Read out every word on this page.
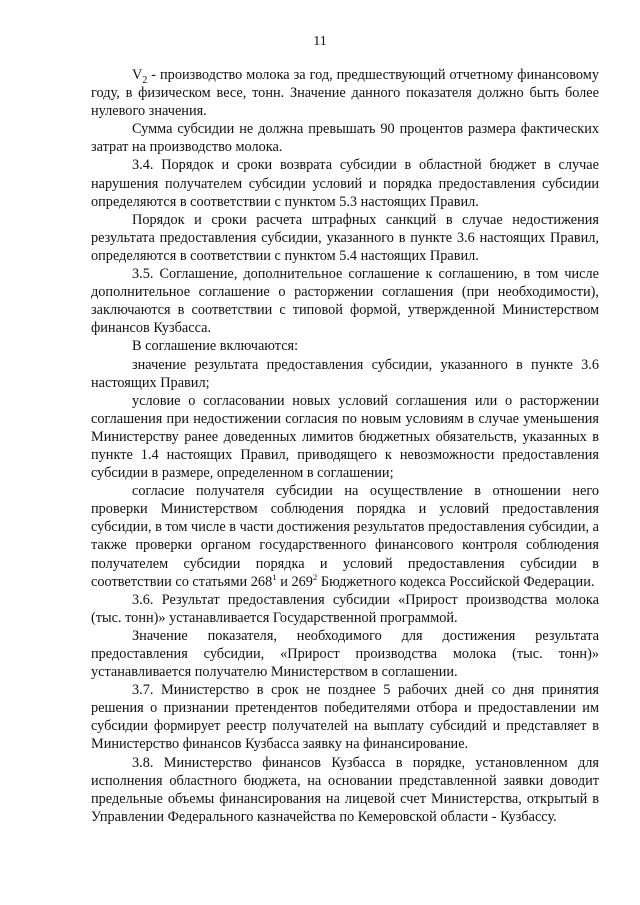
11

$V_2$ - производство молока за год, предшествующий отчетному финансовому году, в физическом весе, тонн. Значение данного показателя должно быть более нулевого значения.

Сумма субсидии не должна превышать 90 процентов размера фактических затрат на производство молока.

3.4. Порядок и сроки возврата субсидии в областной бюджет в случае нарушения получателем субсидии условий и порядка предоставления субсидии определяются в соответствии с пунктом 5.3 настоящих Правил.

Порядок и сроки расчета штрафных санкций в случае недостижения результата предоставления субсидии, указанного в пункте 3.6 настоящих Правил, определяются в соответствии с пунктом 5.4 настоящих Правил.

3.5. Соглашение, дополнительное соглашение к соглашению, в том числе дополнительное соглашение о расторжении соглашения (при необходимости), заключаются в соответствии с типовой формой, утвержденной Министерством финансов Кузбасса.

В соглашение включаются:

значение результата предоставления субсидии, указанного в пункте 3.6 настоящих Правил;

условие о согласовании новых условий соглашения или о расторжении соглашения при недостижении согласия по новым условиям в случае уменьшения Министерству ранее доведенных лимитов бюджетных обязательств, указанных в пункте 1.4 настоящих Правил, приводящего к невозможности предоставления субсидии в размере, определенном в соглашении;

согласие получателя субсидии на осуществление в отношении него проверки Министерством соблюдения порядка и условий предоставления субсидии, в том числе в части достижения результатов предоставления субсидии, а также проверки органом государственного финансового контроля соблюдения получателем субсидии порядка и условий предоставления субсидии в соответствии со статьями $268^1$ и $269^2$ Бюджетного кодекса Российской Федерации.

3.6. Результат предоставления субсидии «Прирост производства молока (тыс. тонн)» устанавливается Государственной программой.

Значение показателя, необходимого для достижения результата предоставления субсидии, «Прирост производства молока (тыс. тонн)» устанавливается получателю Министерством в соглашении.

3.7. Министерство в срок не позднее 5 рабочих дней со дня принятия решения о признании претендентов победителями отбора и предоставлении им субсидии формирует реестр получателей на выплату субсидий и представляет в Министерство финансов Кузбасса заявку на финансирование.

3.8. Министерство финансов Кузбасса в порядке, установленном для исполнения областного бюджета, на основании представленной заявки доводит предельные объемы финансирования на лицевой счет Министерства, открытый в Управлении Федерального казначейства по Кемеровской области - Кузбассу.
